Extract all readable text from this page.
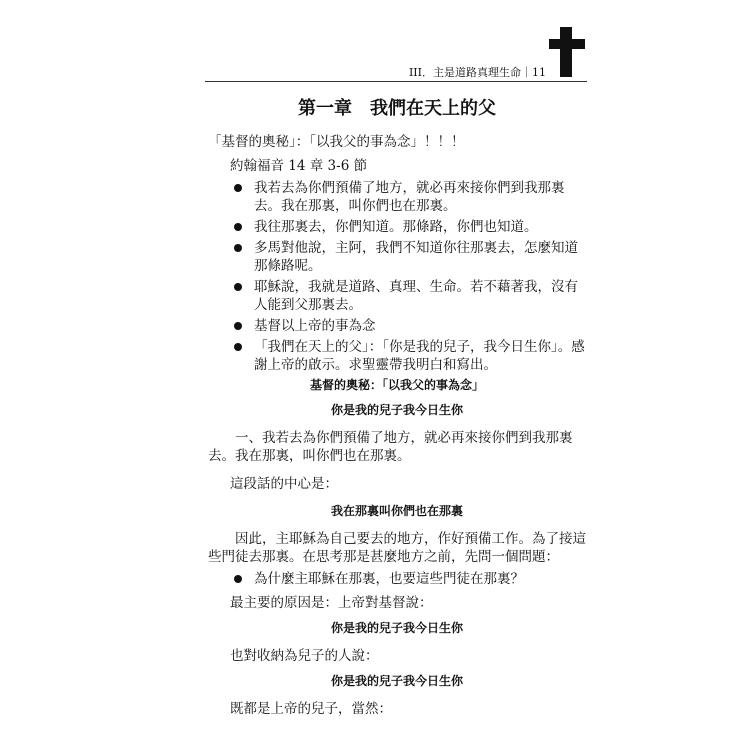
III．主是道路真理生命｜11
第一章　我們在天上的父

「基督的奧秘」：「以我父的事為念」！！！

約翰福音 14 章 3-6 節

我若去為你們預備了地方，就必再來接你們到我那裏去。我在那裏，叫你們也在那裏。
我往那裏去，你們知道。那條路，你們也知道。
多馬對他說，主阿，我們不知道你往那裏去，怎麼知道那條路呢。
耶穌說，我就是道路、真理、生命。若不藉著我，沒有人能到父那裏去。
基督以上帝的事為念
「我們在天上的父」：「你是我的兒子，我今日生你」。感謝上帝的啟示。求聖靈帶我明白和寫出。
基督的奧秘：「以我父的事為念」
你是我的兒子我今日生你

一、我若去為你們預備了地方，就必再來接你們到我那裏去。我在那裏，叫你們也在那裏。

這段話的中心是：

我在那裏叫你們也在那裏

因此，主耶穌為自己要去的地方，作好預備工作。為了接這些門徒去那裏。在思考那是甚麼地方之前，先問一個問題：

為什麼主耶穌在那裏，也要這些門徒在那裏？

最主要的原因是：上帝對基督說：

你是我的兒子我今日生你

也對收納為兒子的人說：

你是我的兒子我今日生你

既都是上帝的兒子，當然：
